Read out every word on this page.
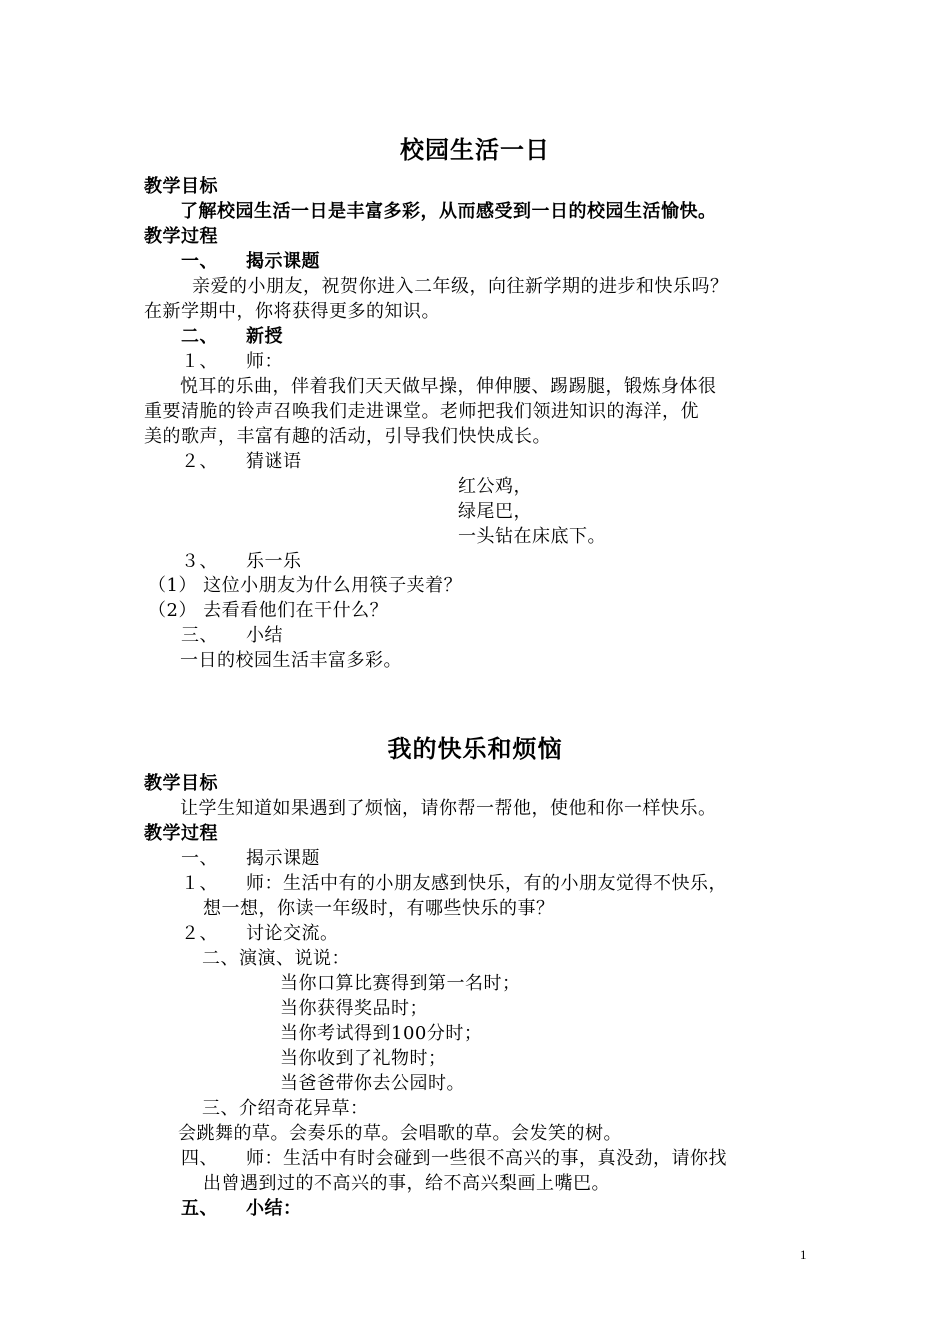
校园生活一日
教学目标
了解校园生活一日是丰富多彩，从而感受到一日的校园生活愉快。
教学过程
一、 揭示课题
亲爱的小朋友，祝贺你进入二年级，向往新学期的进步和快乐吗？
在新学期中，你将获得更多的知识。
二、 新授
１、 师：
悦耳的乐曲，伴着我们天天做早操，伸伸腰、踢踢腿，锻炼身体很
重要清脆的铃声召唤我们走进课堂。老师把我们领进知识的海洋，优
美的歌声，丰富有趣的活动，引导我们快快成长。
２、 猜谜语
红公鸡，
绿尾巴，
一头钻在床底下。
３、 乐一乐
（1） 这位小朋友为什么用筷子夹着？
（2） 去看看他们在干什么？
三、 小结
一日的校园生活丰富多彩。
我的快乐和烦恼
教学目标
让学生知道如果遇到了烦恼，请你帮一帮他，使他和你一样快乐。
教学过程
一、 揭示课题
１、 师：生活中有的小朋友感到快乐，有的小朋友觉得不快乐，
想一想，你读一年级时，有哪些快乐的事？
２、 讨论交流。
二、演演、说说：
当你口算比赛得到第一名时；
当你获得奖品时；
当你考试得到100分时；
当你收到了礼物时；
当爸爸带你去公园时。
三、介绍奇花异草：
会跳舞的草。会奏乐的草。会唱歌的草。会发笑的树。
四、 师：生活中有时会碰到一些很不高兴的事，真没劲，请你找
出曾遇到过的不高兴的事，给不高兴梨画上嘴巴。
五、 小结：
1
